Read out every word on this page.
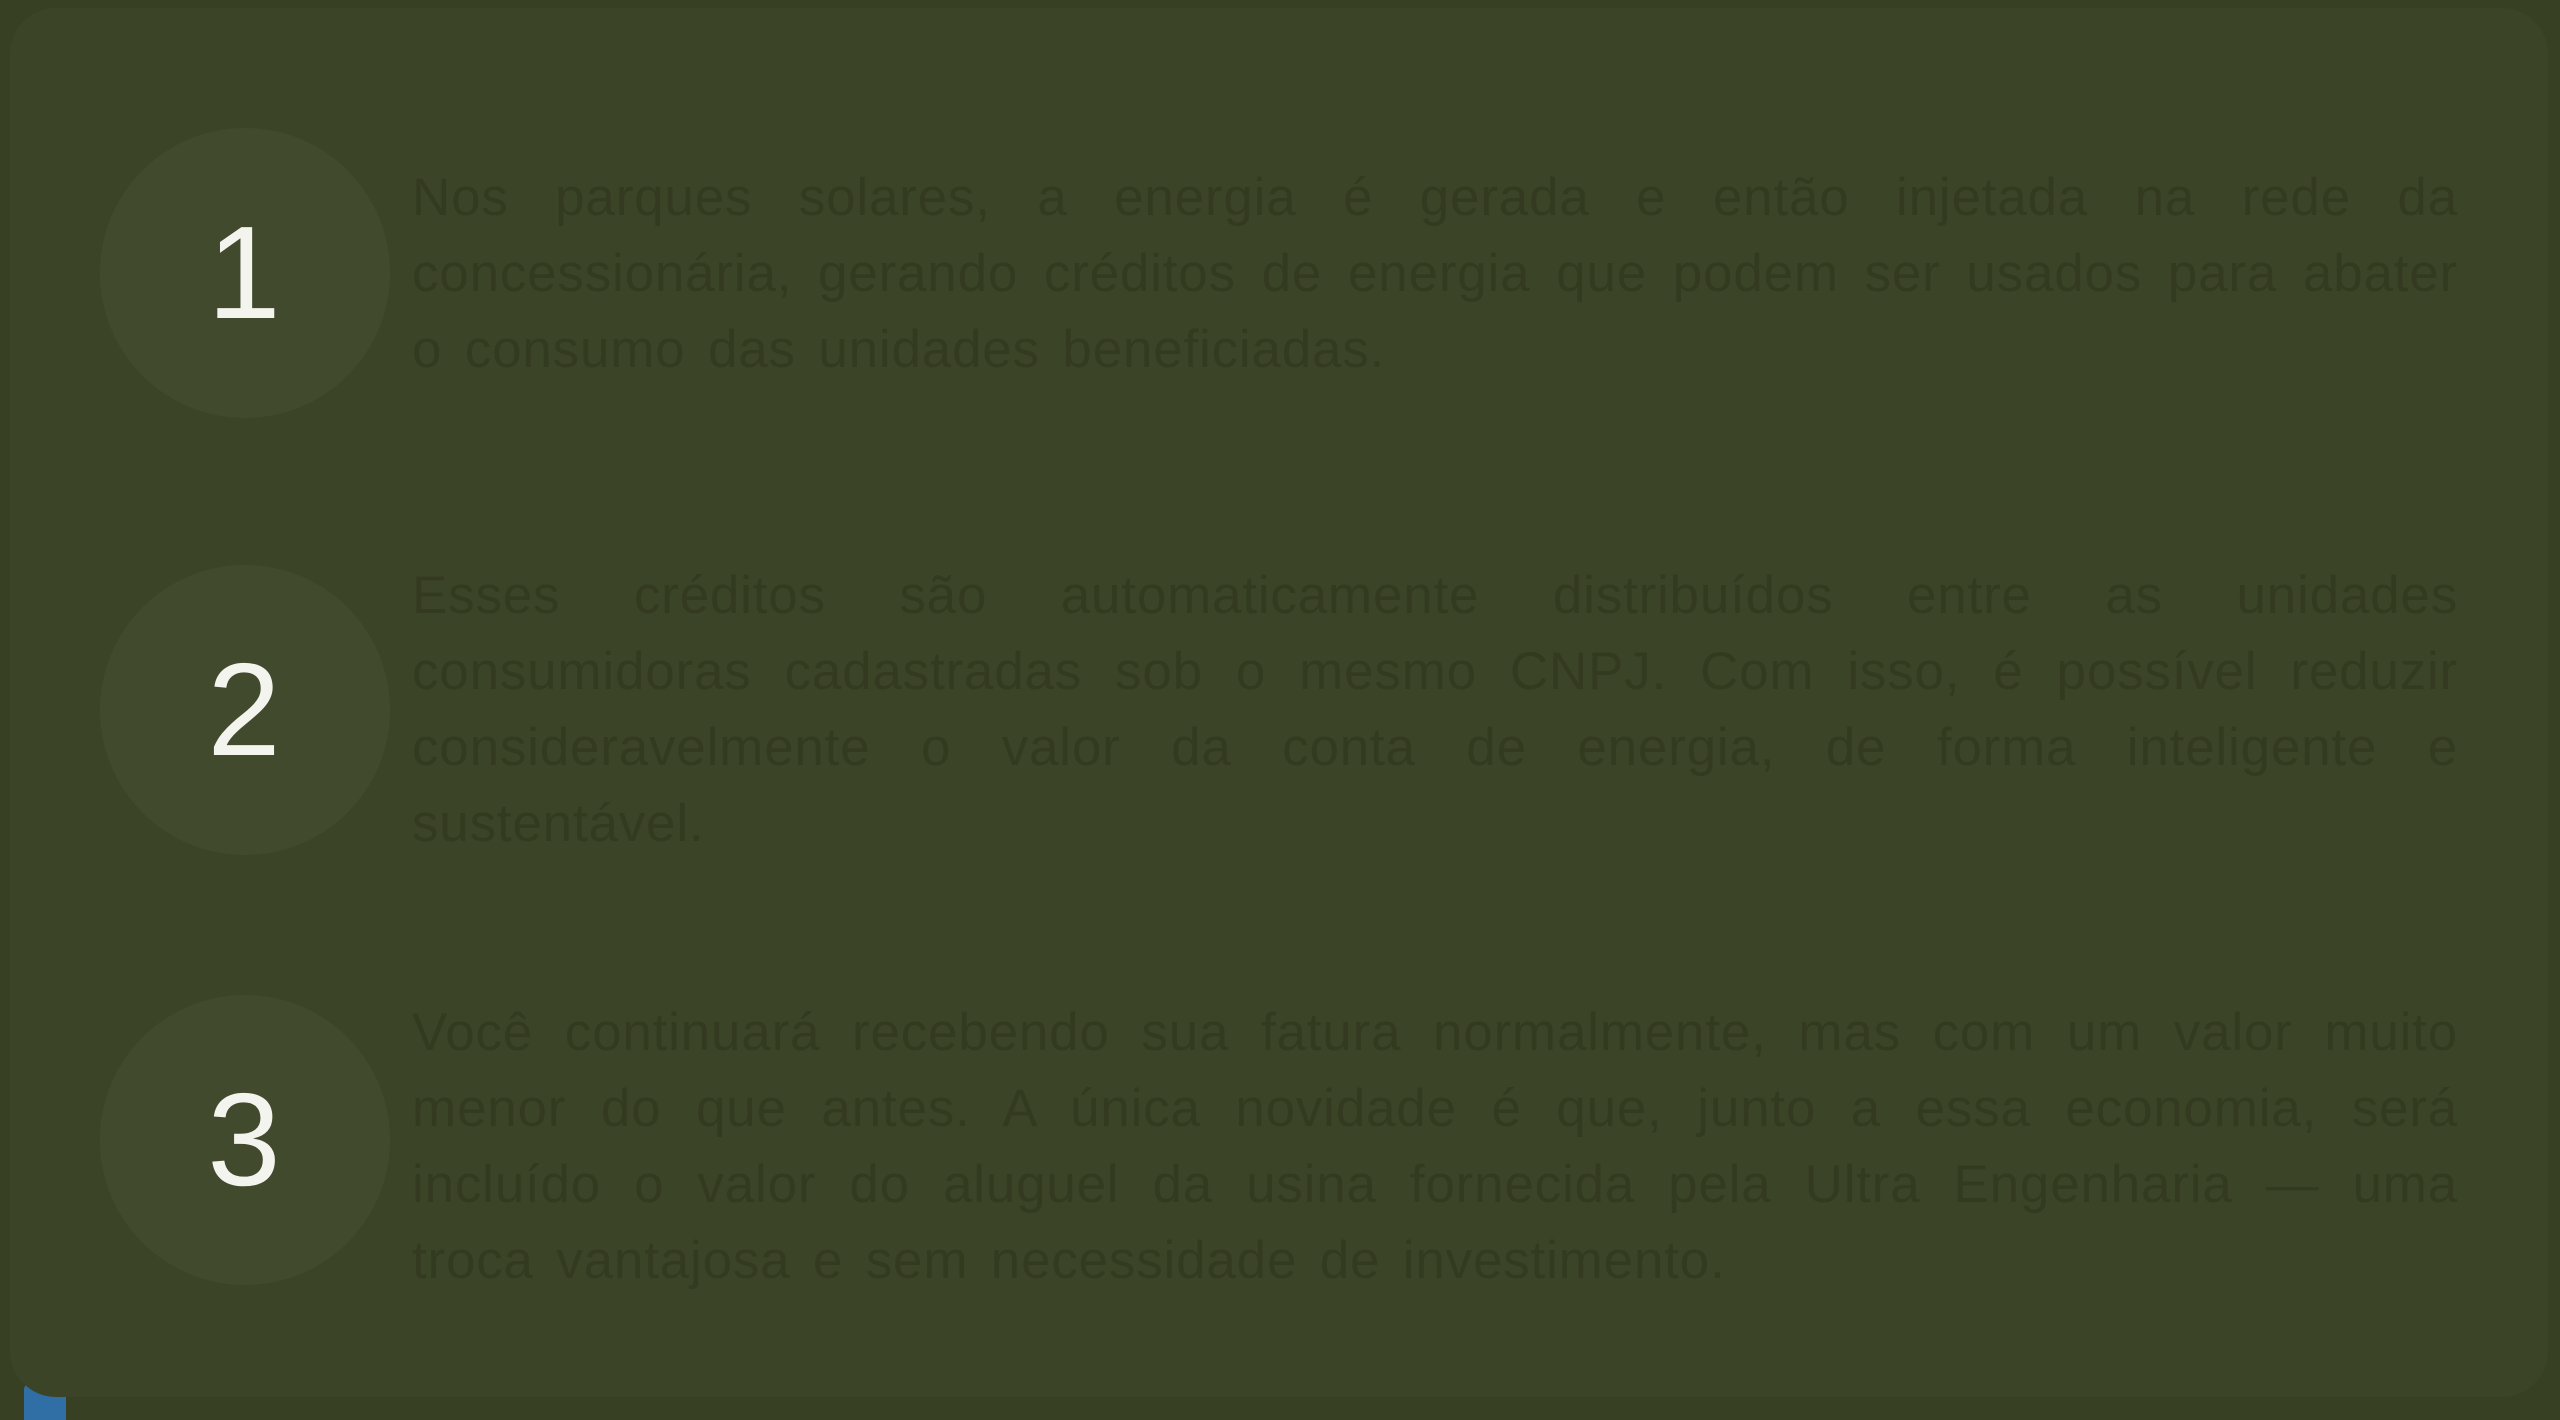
1
Nos parques solares, a energia é gerada e então injetada na rede da concessionária, gerando créditos de energia que podem ser usados para abater o consumo das unidades beneficiadas.
2
Esses créditos são automaticamente distribuídos entre as unidades consumidoras cadastradas sob o mesmo CNPJ. Com isso, é possível reduzir consideravelmente o valor da conta de energia, de forma inteligente e sustentável.
3
Você continuará recebendo sua fatura normalmente, mas com um valor muito menor do que antes. A única novidade é que, junto a essa economia, será incluído o valor do aluguel da usina fornecida pela Ultra Engenharia — uma troca vantajosa e sem necessidade de investimento.
